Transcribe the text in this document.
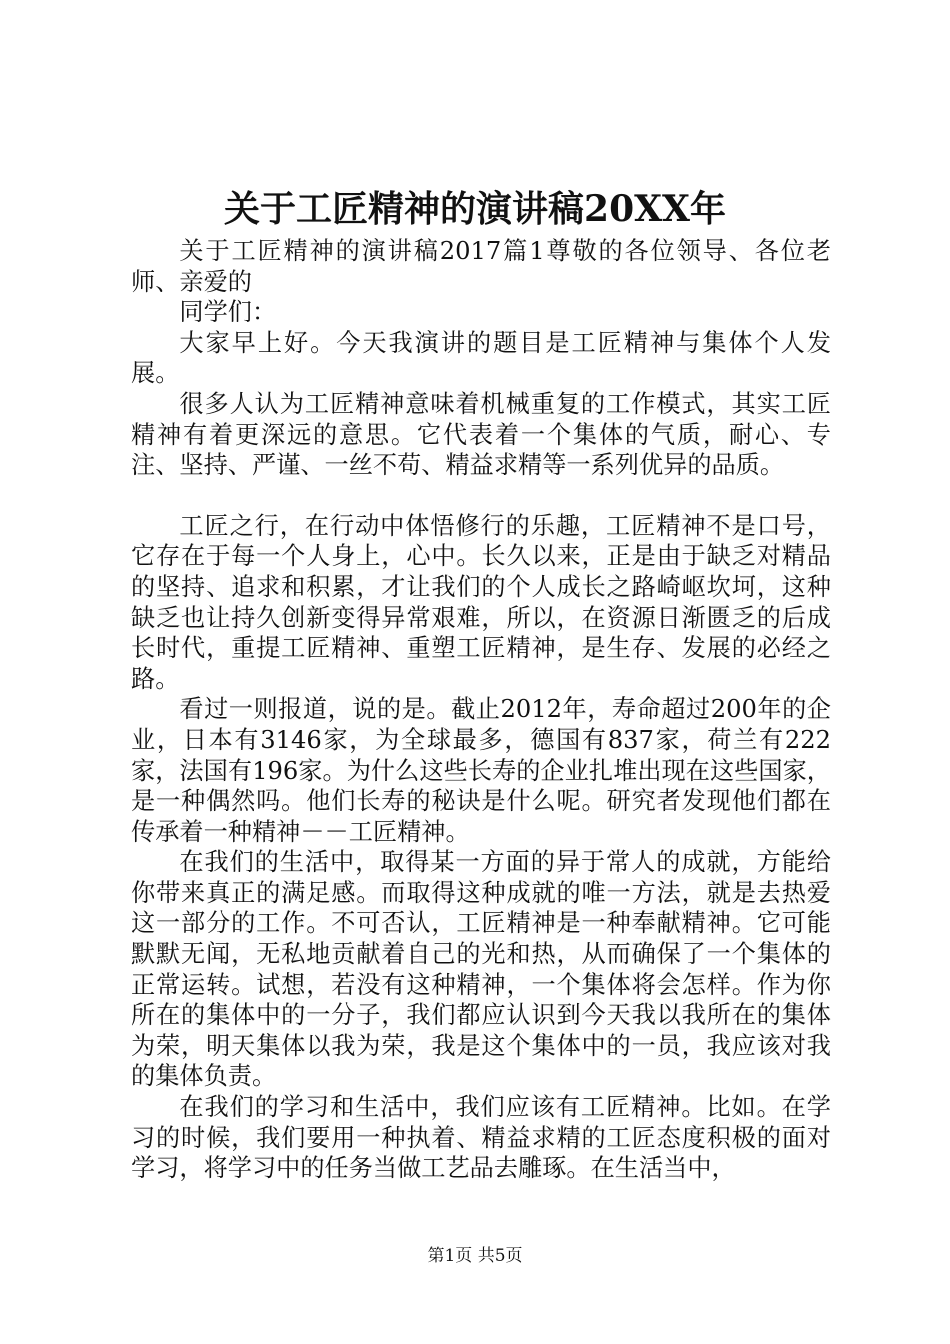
关于工匠精神的演讲稿20XX年

关于工匠精神的演讲稿2017篇1尊敬的各位领导、各位老师、亲爱的

同学们：

大家早上好。今天我演讲的题目是工匠精神与集体个人发展。

很多人认为工匠精神意味着机械重复的工作模式，其实工匠精神有着更深远的意思。它代表着一个集体的气质，耐心、专注、坚持、严谨、一丝不苟、精益求精等一系列优异的品质。

工匠之行，在行动中体悟修行的乐趣，工匠精神不是口号，它存在于每一个人身上，心中。长久以来，正是由于缺乏对精品的坚持、追求和积累，才让我们的个人成长之路崎岖坎坷，这种缺乏也让持久创新变得异常艰难，所以，在资源日渐匮乏的后成长时代，重提工匠精神、重塑工匠精神，是生存、发展的必经之路。

看过一则报道，说的是。截止2012年，寿命超过200年的企业，日本有3146家，为全球最多，德国有837家，荷兰有222家，法国有196家。为什么这些长寿的企业扎堆出现在这些国家，是一种偶然吗。他们长寿的秘诀是什么呢。研究者发现他们都在传承着一种精神－－工匠精神。

在我们的生活中，取得某一方面的异于常人的成就，方能给你带来真正的满足感。而取得这种成就的唯一方法，就是去热爱这一部分的工作。不可否认，工匠精神是一种奉献精神。它可能默默无闻，无私地贡献着自己的光和热，从而确保了一个集体的正常运转。试想，若没有这种精神，一个集体将会怎样。作为你所在的集体中的一分子，我们都应认识到今天我以我所在的集体为荣，明天集体以我为荣，我是这个集体中的一员，我应该对我的集体负责。

在我们的学习和生活中，我们应该有工匠精神。比如。在学习的时候，我们要用一种执着、精益求精的工匠态度积极的面对学习，将学习中的任务当做工艺品去雕琢。在生活当中，

第1页 共5页
